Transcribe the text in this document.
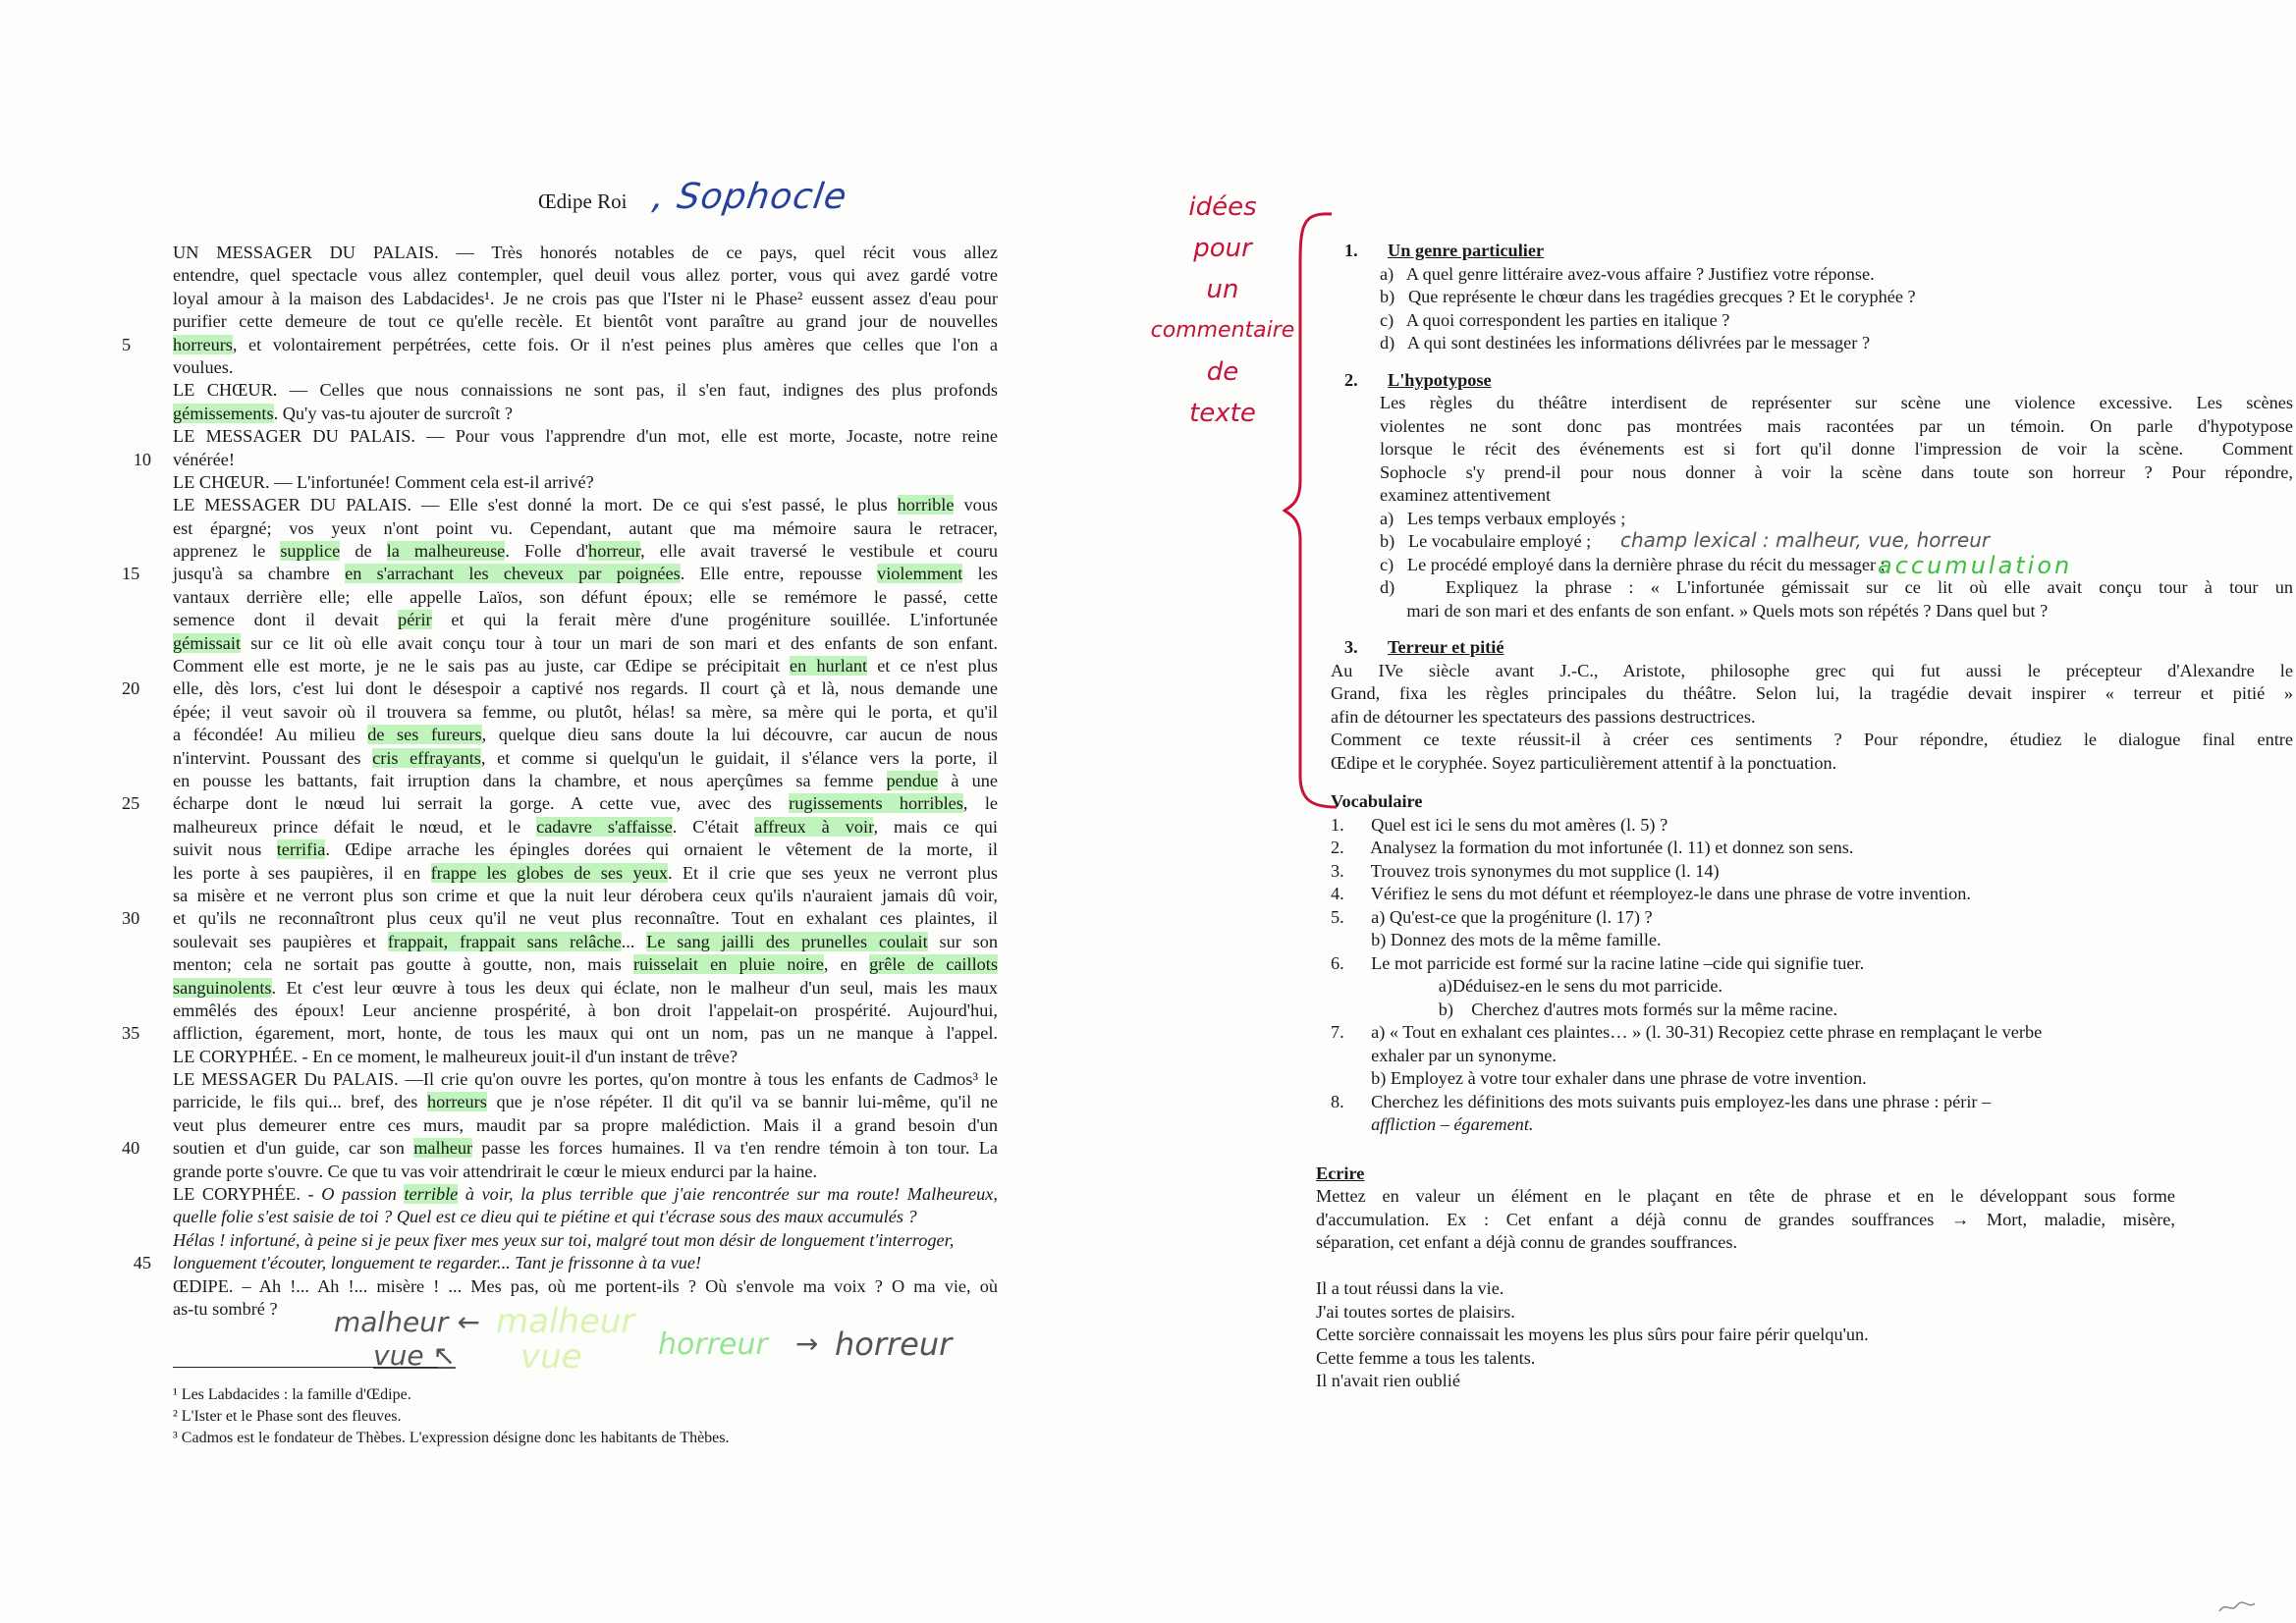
Œdipe Roi , Sophocle
UN MESSAGER DU PALAIS. — Très honorés notables de ce pays, quel récit vous allez
entendre, quel spectacle vous allez contempler, quel deuil vous allez porter, vous qui avez gardé votre
loyal amour à la maison des Labdacides¹. Je ne crois pas que l'Ister ni le Phase² eussent assez d'eau pour
purifier cette demeure de tout ce qu'elle recèle. Et bientôt vont paraître au grand jour de nouvelles
5	horreurs, et volontairement perpétrées, cette fois. Or il n'est peines plus amères que celles que l'on a
voulues.
LE CHŒUR. — Celles que nous connaissions ne sont pas, il s'en faut, indignes des plus profonds
gémissements. Qu'y vas-tu ajouter de surcroît ?
LE MESSAGER DU PALAIS. — Pour vous l'apprendre d'un mot, elle est morte, Jocaste, notre reine
10 vénérée!
LE CHŒUR. — L'infortunée! Comment cela est-il arrivé?
LE MESSAGER DU PALAIS. — Elle s'est donné la mort. De ce qui s'est passé, le plus horrible vous
est épargné; vos yeux n'ont point vu. Cependant, autant que ma mémoire saura le retracer,
apprenez le supplice de la malheureuse. Folle d'horreur, elle avait traversé le vestibule et couru
15	jusqu'à sa chambre en s'arrachant les cheveux par poignées. Elle entre, repousse violemment les
vantaux derrière elle; elle appelle Laïos, son défunt époux; elle se remémore le passé, cette
semence dont il devait périr et qui la ferait mère d'une progéniture souillée. L'infortunée
gémissait sur ce lit où elle avait conçu tour à tour un mari de son mari et des enfants de son enfant.
Comment elle est morte, je ne le sais pas au juste, car Œdipe se précipitait en hurlant et ce n'est plus
20	elle, dès lors, c'est lui dont le désespoir a captivé nos regards. Il court çà et là, nous demande une
épée; il veut savoir où il trouvera sa femme, ou plutôt, hélas! sa mère, sa mère qui le porta, et qu'il
a fécondée! Au milieu de ses fureurs, quelque dieu sans doute la lui découvre, car aucun de nous
n'intervint. Poussant des cris effrayants, et comme si quelqu'un le guidait, il s'élance vers la porte, il
en pousse les battants, fait irruption dans la chambre, et nous aperçûmes sa femme pendue à une
25	écharpe dont le nœud lui serrait la gorge. A cette vue, avec des rugissements horribles, le
malheureux prince défait le nœud, et le cadavre s'affaisse. C'était affreux à voir, mais ce qui
suivit nous terrifia. Œdipe arrache les épingles dorées qui ornaient le vêtement de la morte, il
les porte à ses paupières, il en frappe les globes de ses yeux. Et il crie que ses yeux ne verront plus
sa misère et ne verront plus son crime et que la nuit leur dérobera ceux qu'ils n'auraient jamais dû voir,
30	et qu'ils ne reconnaîtront plus ceux qu'il ne veut plus reconnaître. Tout en exhalant ces plaintes, il
soulevait ses paupières et frappait, frappait sans relâche... Le sang jailli des prunelles coulait sur son
menton; cela ne sortait pas goutte à goutte, non, mais ruisselait en pluie noire, en grêle de caillots
sanguinolents. Et c'est leur œuvre à tous les deux qui éclate, non le malheur d'un seul, mais les maux
emmêlés des époux! Leur ancienne prospérité, à bon droit l'appelait-on prospérité. Aujourd'hui,
35	affliction, égarement, mort, honte, de tous les maux qui ont un nom, pas un ne manque à l'appel.
LE CORYPHÉE. - En ce moment, le malheureux jouit-il d'un instant de trêve?
LE MESSAGER Du PALAIS. —Il crie qu'on ouvre les portes, qu'on montre à tous les enfants de Cadmos³ le
parricide, le fils qui... bref, des horreurs que je n'ose répéter. Il dit qu'il va se bannir lui-même, qu'il ne
veut plus demeurer entre ces murs, maudit par sa propre malédiction. Mais il a grand besoin d'un
40	soutien et d'un guide, car son malheur passe les forces humaines. Il va t'en rendre témoin à ton tour. La
grande porte s'ouvre. Ce que tu vas voir attendrirait le cœur le mieux endurci par la haine.
LE CORYPHÉE. - O passion terrible à voir, la plus terrible que j'aie rencontrée sur ma route! Malheureux,
quelle folie s'est saisie de toi ? Quel est ce dieu qui te piétine et qui t'écrase sous des maux accumulés ?
Hélas ! infortuné, à peine si je peux fixer mes yeux sur toi, malgré tout mon désir de longuement t'interroger,
45 longuement t'écouter, longuement te regarder... Tant je frissonne à ta vue!
ŒDIPE. – Ah !... Ah !... misère ! ... Mes pas, où me portent-ils ? Où s'envole ma voix ? O ma vie, où
as-tu sombré ?	malheur ←
vue ↖
malheur
vue	horreur → horreur
¹ Les Labdacides : la famille d'Œdipe.
² L'Ister et le Phase sont des fleuves.
³ Cadmos est le fondateur de Thèbes. L'expression désigne donc les habitants de Thèbes.
idées
pour
un
commentaire
de
texte
1. Un genre particulier
a)   A quel genre littéraire avez-vous affaire ? Justifiez votre réponse.
b)   Que représente le chœur dans les tragédies grecques ? Et le coryphée ?
c)   A quoi correspondent les parties en italique ?
d)   A qui sont destinées les informations délivrées par le messager ?
2. L'hypotypose
Les règles du théâtre interdisent de représenter sur scène une violence excessive. Les scènes
violentes ne sont donc pas montrées mais racontées par un témoin. On parle d'hypotypose
lorsque le récit des événements est si fort qu'il donne l'impression de voir la scène.  Comment
Sophocle s'y prend-il pour nous donner à voir la scène dans toute son horreur ? Pour répondre,
examinez attentivement
a)   Les temps verbaux employés ;
b)   Le vocabulaire employé ;
c)   Le procédé employé dans la dernière phrase du récit du messager ;
d)   Expliquez la phrase : « L'infortunée gémissait sur ce lit où elle avait conçu tour à tour un
mari de son mari et des enfants de son enfant. » Quels mots son répétés ? Dans quel but ?
3. Terreur et pitié
Au IVe siècle avant J.-C., Aristote, philosophe grec qui fut aussi le précepteur d'Alexandre le
Grand, fixa les règles principales du théâtre. Selon lui, la tragédie devait inspirer « terreur et pitié »
afin de détourner les spectateurs des passions destructrices.
Comment ce texte réussit-il à créer ces sentiments ? Pour répondre, étudiez le dialogue final entre
Œdipe et le coryphée. Soyez particulièrement attentif à la ponctuation.
Vocabulaire
1.      Quel est ici le sens du mot amères (l. 5) ?
2.      Analysez la formation du mot infortunée (l. 11) et donnez son sens.
3.      Trouvez trois synonymes du mot supplice (l. 14)
4.      Vérifiez le sens du mot défunt et réemployez-le dans une phrase de votre invention.
5.      a) Qu'est-ce que la progéniture (l. 17) ?
b) Donnez des mots de la même famille.
6.      Le mot parricide est formé sur la racine latine –cide qui signifie tuer.
a)Déduisez-en le sens du mot parricide.
b)    Cherchez d'autres mots formés sur la même racine.
7.      a) « Tout en exhalant ces plaintes… » (l. 30-31) Recopiez cette phrase en remplaçant le verbe
exhaler par un synonyme.
b) Employez à votre tour exhaler dans une phrase de votre invention.
8.      Cherchez les définitions des mots suivants puis employez-les dans une phrase : périr –
affliction – égarement.
Ecrire
Mettez en valeur un élément en le plaçant en tête de phrase et en le développant sous forme
d'accumulation. Ex : Cet enfant a déjà connu de grandes souffrances → Mort, maladie, misère,
séparation, cet enfant a déjà connu de grandes souffrances.
Il a tout réussi dans la vie.
J'ai toutes sortes de plaisirs.
Cette sorcière connaissait les moyens les plus sûrs pour faire périr quelqu'un.
Cette femme a tous les talents.
Il n'avait rien oublié
champ lexical : malheur, vue, horreur
accumulation
